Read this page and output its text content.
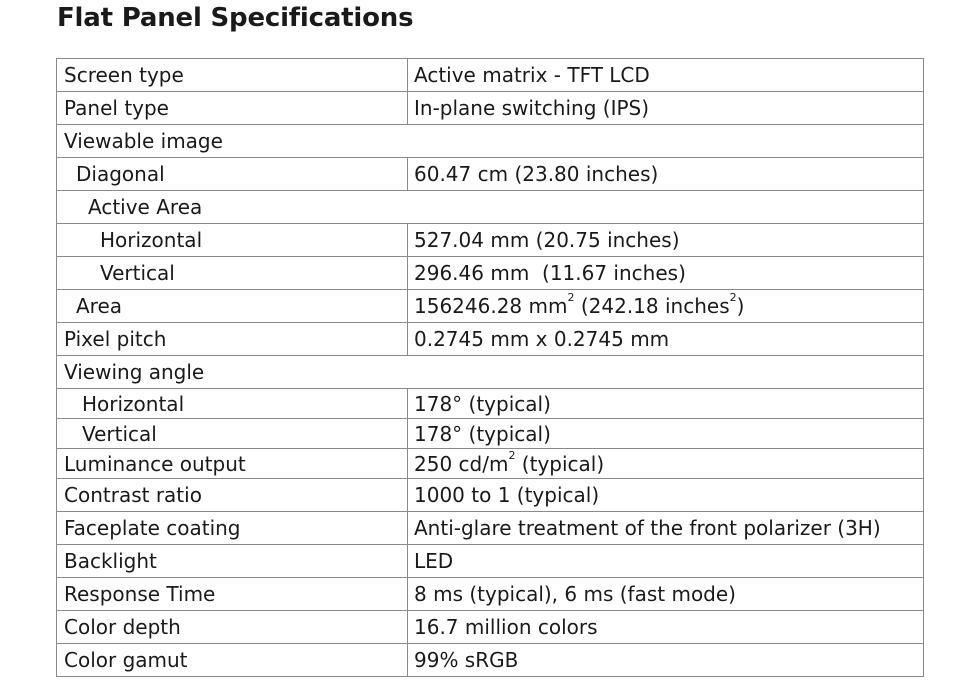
Flat Panel Specifications
Screen type	Active matrix - TFT LCD
Panel type	In-plane switching (IPS)
Viewable image	
Diagonal	60.47 cm (23.80 inches)
Active Area	
Horizontal	527.04 mm (20.75 inches)
Vertical	296.46 mm  (11.67 inches)
Area	156246.28 $mm^2$ (242.18 inches$^2$)
Pixel pitch	0.2745 mm x 0.2745 mm
Viewing angle	
Horizontal	178° (typical)
Vertical	178° (typical)
Luminance output	250 $cd/m^2$ (typical)
Contrast ratio	1000 to 1 (typical)
Faceplate coating	Anti-glare treatment of the front polarizer (3H)
Backlight	LED
Response Time	8 ms (typical), 6 ms (fast mode)
Color depth	16.7 million colors
Color gamut	99% sRGB
